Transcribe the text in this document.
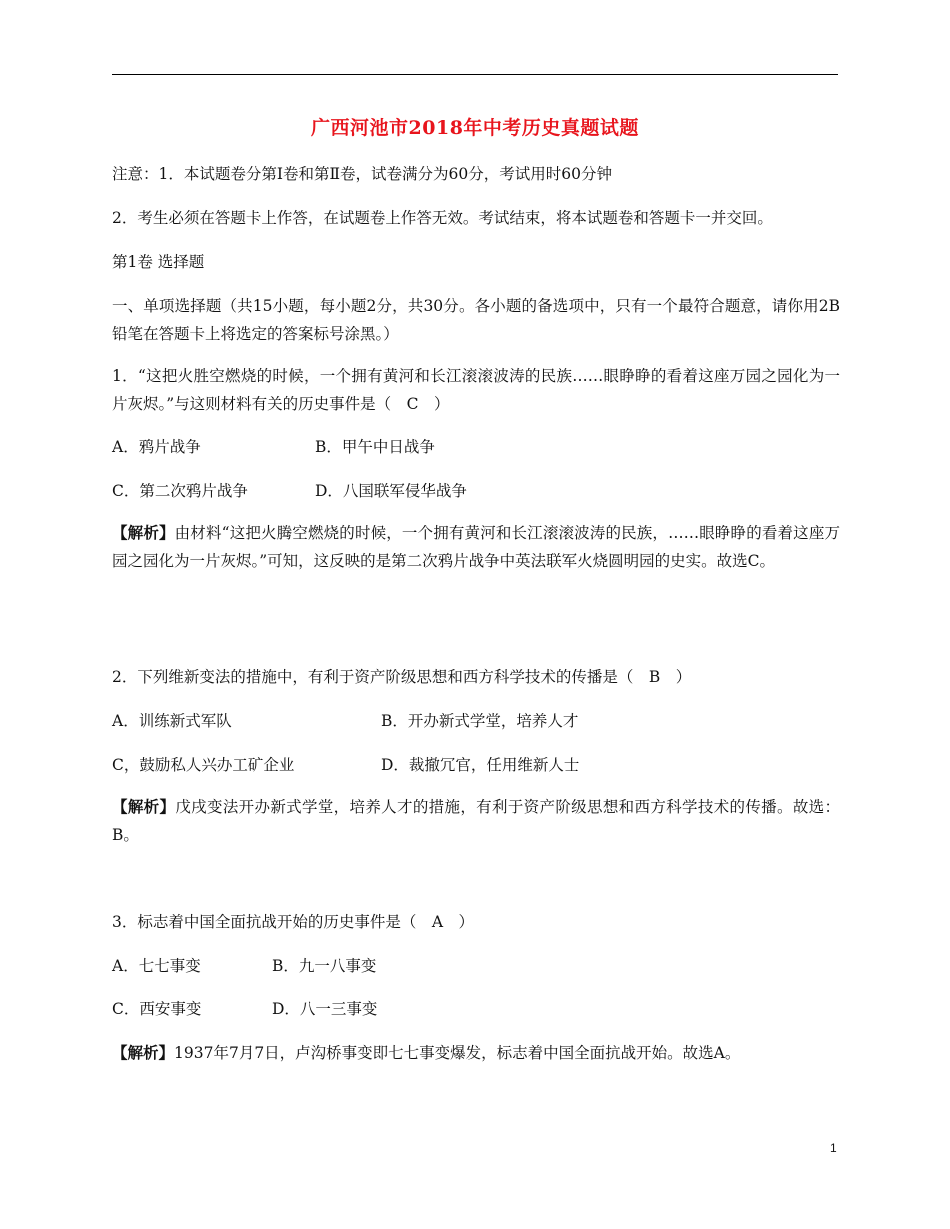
广西河池市2018年中考历史真题试题
注意：1．本试题卷分第Ⅰ卷和第Ⅱ卷，试卷满分为60分，考试用时60分钟
2．考生必须在答题卡上作答，在试题卷上作答无效。考试结束，将本试题卷和答题卡一并交回。
第1卷 选择题
一、单项选择题（共15小题，每小题2分，共30分。各小题的备选项中，只有一个最符合题意，请你用2B铅笔在答题卡上将选定的答案标号涂黑。）
1．“这把火胜空燃烧的时候，一个拥有黄河和长江滚滚波涛的民族……眼睁睁的看着这座万园之园化为一片灰烬。”与这则材料有关的历史事件是（　C　）
A．鸦片战争	B．甲午中日战争
C．第二次鸦片战争	D．八国联军侵华战争
【解析】由材料“这把火腾空燃烧的时候，一个拥有黄河和长江滚滚波涛的民族，……眼睁睁的看着这座万园之园化为一片灰烬。”可知，这反映的是第二次鸦片战争中英法联军火烧圆明园的史实。故选C。
2．下列维新变法的措施中，有利于资产阶级思想和西方科学技术的传播是（　B　）
A．训练新式军队	B．开办新式学堂，培养人才
C，鼓励私人兴办工矿企业	D．裁撤冗官，任用维新人士
【解析】戊戌变法开办新式学堂，培养人才的措施，有利于资产阶级思想和西方科学技术的传播。故选：B。
3．标志着中国全面抗战开始的历史事件是（　A　）
A．七七事变	B．九一八事变
C．西安事变	D．八一三事变
【解析】1937年7月7日，卢沟桥事变即七七事变爆发，标志着中国全面抗战开始。故选A。
1
